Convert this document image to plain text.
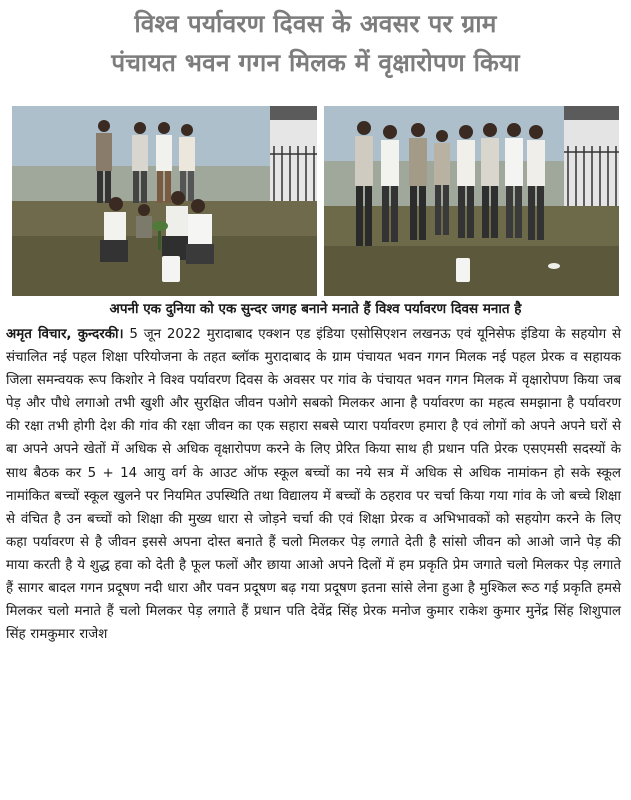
विश्व पर्यावरण दिवस के अवसर पर ग्राम
पंचायत भवन गगन मिलक में वृक्षारोपण किया
अपनी एक दुनिया को एक सुन्दर जगह बनाने मनाते हैं विश्व पर्यावरण दिवस मनात है
अमृत विचार, कुन्दरकी। 5 जून 2022 मुरादाबाद एक्शन एड इंडिया एसोसिएशन लखनऊ एवं यूनिसेफ इंडिया के सहयोग से संचालित नई पहल शिक्षा परियोजना के तहत ब्लॉक मुरादाबाद के ग्राम पंचायत भवन गगन मिलक नई पहल प्रेरक व सहायक जिला समन्वयक रूप किशोर ने विश्व पर्यावरण दिवस के अवसर पर गांव के पंचायत भवन गगन मिलक में वृक्षारोपण किया जब पेड़ और पौधे लगाओ तभी खुशी और सुरक्षित जीवन पओगे सबको मिलकर आना है पर्यावरण का महत्व समझाना है पर्यावरण की रक्षा तभी होगी देश की गांव की रक्षा जीवन का एक सहारा सबसे प्यारा पर्यावरण हमारा है एवं लोगों को अपने अपने घरों से बा अपने अपने खेतों में अधिक से अधिक वृक्षारोपण करने के लिए प्रेरित किया साथ ही प्रधान पति प्रेरक एसएमसी सदस्यों के साथ बैठक कर 5 + 14 आयु वर्ग के आउट ऑफ स्कूल बच्चों का नये सत्र में अधिक से अधिक नामांकन हो सके स्कूल नामांकित बच्चों स्कूल खुलने पर नियमित उपस्थिति तथा विद्यालय में बच्चों के ठहराव पर चर्चा किया गया गांव के जो बच्चे शिक्षा से वंचित है उन बच्चों को शिक्षा की मुख्य धारा से जोड़ने चर्चा की एवं शिक्षा प्रेरक व अभिभावकों को सहयोग करने के लिए कहा पर्यावरण से है जीवन इससे अपना दोस्त बनाते हैं चलो मिलकर पेड़ लगाते देती है सांसो जीवन को आओ जाने पेड़ की माया करती है ये शुद्ध हवा को देती है फूल फलों और छाया आओ अपने दिलों में हम प्रकृति प्रेम जगाते चलो मिलकर पेड़ लगाते हैं सागर बादल गगन प्रदूषण नदी धारा और पवन प्रदूषण बढ़ गया प्रदूषण इतना सांसे लेना हुआ है मुश्किल रूठ गई प्रकृति हमसे मिलकर चलो मनाते हैं चलो मिलकर पेड़ लगाते हैं प्रधान पति देवेंद्र सिंह प्रेरक मनोज कुमार राकेश कुमार मुनेंद्र सिंह शिशुपाल सिंह रामकुमार राजेश
